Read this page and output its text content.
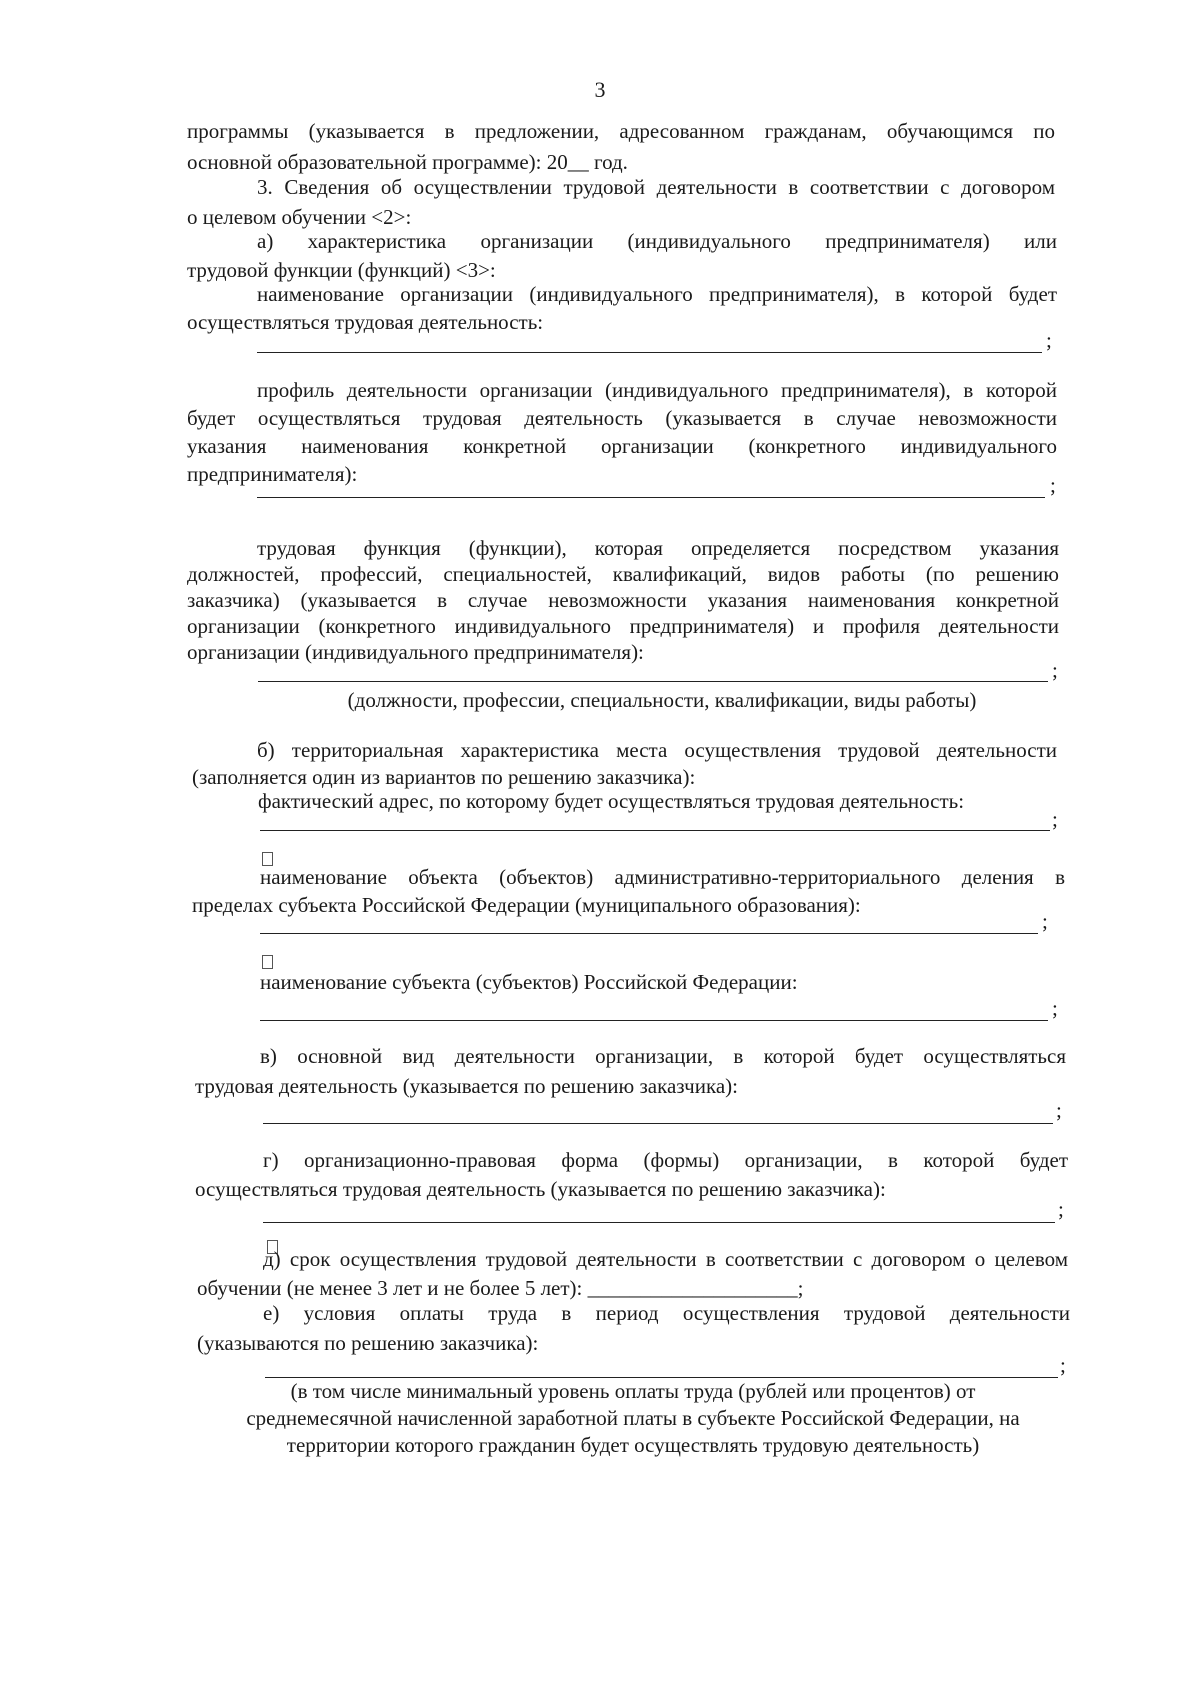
3
программы (указывается в предложении, адресованном гражданам, обучающимся по
основной образовательной программе): 20__ год.
3. Сведения об осуществлении трудовой деятельности в соответствии с договором
о целевом обучении <2>:
а) характеристика организации (индивидуального предпринимателя) или
трудовой функции (функций) <3>:
наименование организации (индивидуального предпринимателя), в которой будет
осуществляться трудовая деятельность:
;
профиль деятельности организации (индивидуального предпринимателя), в которой
будет осуществляться трудовая деятельность (указывается в случае невозможности
указания наименования конкретной организации (конкретного индивидуального
предпринимателя):	;
трудовая функция (функции), которая определяется посредством указания
должностей, профессий, специальностей, квалификаций, видов работы (по решению
заказчика) (указывается в случае невозможности указания наименования конкретной
организации (конкретного индивидуального предпринимателя) и профиля деятельности
организации (индивидуального предпринимателя):
;
(должности, профессии, специальности, квалификации, виды работы)
б) территориальная характеристика места осуществления трудовой деятельности
(заполняется один из вариантов по решению заказчика):
фактический адрес, по которому будет осуществляться трудовая деятельность:
;
наименование объекта (объектов) административно-территориального деления в
пределах субъекта Российской Федерации (муниципального образования):
;
наименование субъекта (субъектов) Российской Федерации:
;
в) основной вид деятельности организации, в которой будет осуществляться
трудовая деятельность (указывается по решению заказчика):
;
г) организационно-правовая форма (формы) организации, в которой будет
осуществляться трудовая деятельность (указывается по решению заказчика):
;
д) срок осуществления трудовой деятельности в соответствии с договором о целевом
обучении (не менее 3 лет и не более 5 лет): ____________________;
е) условия оплаты труда в период осуществления трудовой деятельности
(указываются по решению заказчика):
;
(в том числе минимальный уровень оплаты труда (рублей или процентов) от
среднемесячной начисленной заработной платы в субъекте Российской Федерации, на
территории которого гражданин будет осуществлять трудовую деятельность)
